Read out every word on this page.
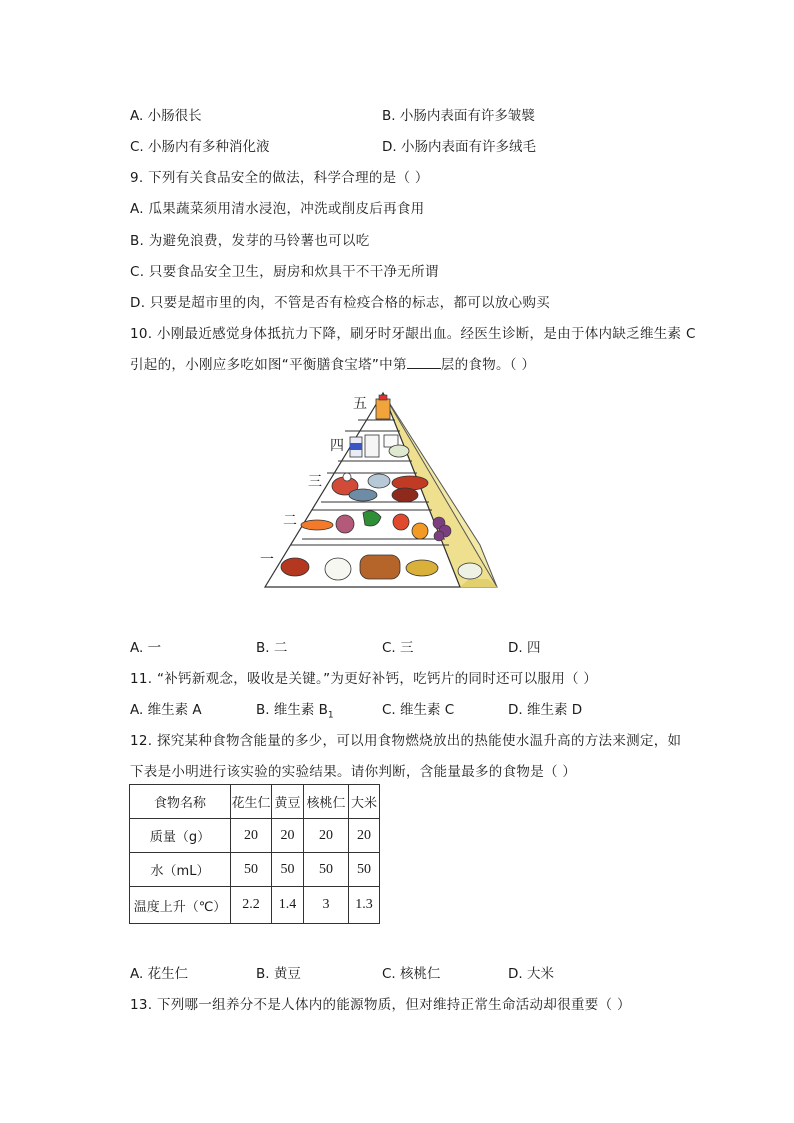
A. 小肠很长	B. 小肠内表面有许多皱襞
C. 小肠内有多种消化液	D. 小肠内表面有许多绒毛
9. 下列有关食品安全的做法，科学合理的是（ ）
A. 瓜果蔬菜须用清水浸泡，冲洗或削皮后再食用
B. 为避免浪费，发芽的马铃薯也可以吃
C. 只要食品安全卫生，厨房和炊具干不干净无所谓
D. 只要是超市里的肉，不管是否有检疫合格的标志，都可以放心购买
10. 小刚最近感觉身体抵抗力下降，刷牙时牙龈出血。经医生诊断，是由于体内缺乏维生素 C
引起的，小刚应多吃如图“平衡膳食宝塔”中第	层的食物。（ ）
五
四
三
二
一
A. 一	B. 二	C. 三	D. 四
11. “补钙新观念，吸收是关键。”为更好补钙，吃钙片的同时还可以服用（ ）
A. 维生素 A	B. 维生素 $B_1$	C. 维生素 C	D. 维生素 D
12. 探究某种食物含能量的多少，可以用食物燃烧放出的热能使水温升高的方法来测定，如
下表是小明进行该实验的实验结果。请你判断，含能量最多的食物是（ ）
食物名称	花生仁	黄豆	核桃仁	大米
质量（g）	20	20	20	20
水（mL）	50	50	50	50
温度上升（℃）	2.2	1.4	3	1.3
A. 花生仁	B. 黄豆	C. 核桃仁	D. 大米
13. 下列哪一组养分不是人体内的能源物质，但对维持正常生命活动却很重要（ ）
